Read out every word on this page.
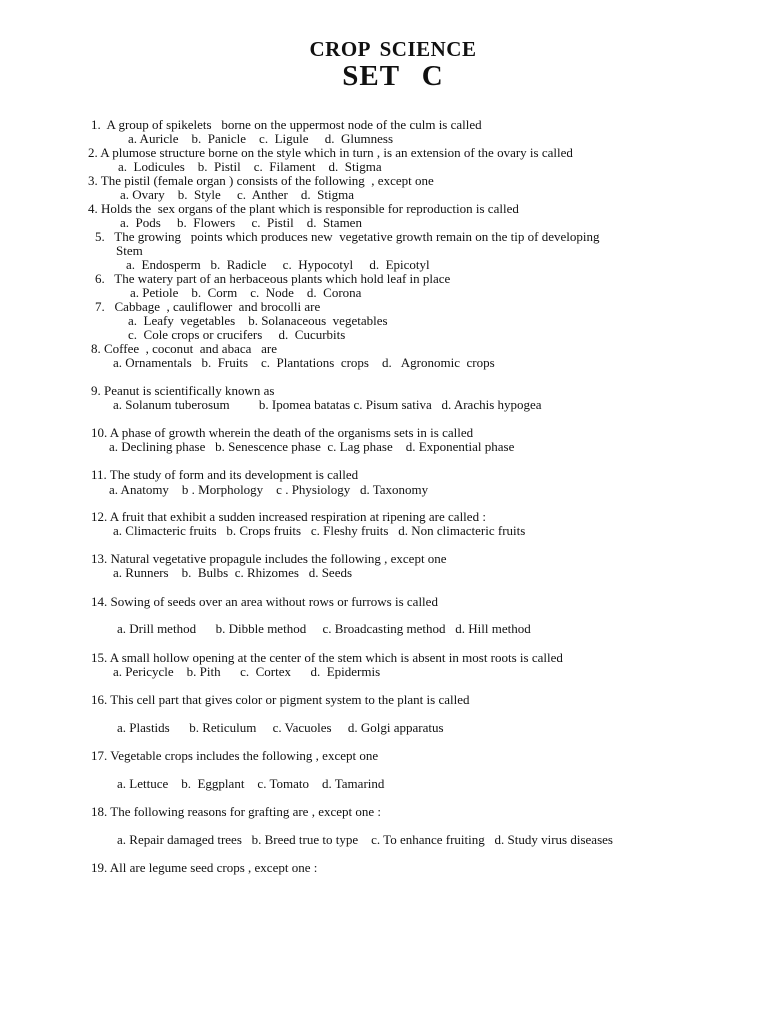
CROP SCIENCE
SET C
1.  A group of spikelets   borne on the uppermost node of the culm is called
a. Auricle    b.  Panicle    c.  Ligule     d.  Glumness
2. A plumose structure borne on the style which in turn , is an extension of the ovary is called
a.  Lodicules    b.  Pistil    c.  Filament    d.  Stigma
3. The pistil (female organ ) consists of the following  , except one
a. Ovary    b.  Style     c.  Anther    d.  Stigma
4. Holds the  sex organs of the plant which is responsible for reproduction is called
a.  Pods     b.  Flowers     c.  Pistil    d.  Stamen
5.   The growing   points which produces new  vegetative growth remain on the tip of developing
Stem
a.  Endosperm   b.  Radicle     c.  Hypocotyl     d.  Epicotyl
6.   The watery part of an herbaceous plants which hold leaf in place
a. Petiole    b.  Corm    c.  Node    d.  Corona
7.   Cabbage  , cauliflower  and brocolli are
a.  Leafy  vegetables    b. Solanaceous  vegetables
c.  Cole crops or crucifers     d.  Cucurbits
8. Coffee  , coconut  and abaca   are
a. Ornamentals   b.  Fruits    c.  Plantations  crops    d.   Agronomic  crops
9. Peanut is scientifically known as
a. Solanum tuberosum         b. Ipomea batatas c. Pisum sativa   d. Arachis hypogea
10. A phase of growth wherein the death of the organisms sets in is called
a. Declining phase   b. Senescence phase  c. Lag phase    d. Exponential phase
11. The study of form and its development is called
a. Anatomy    b . Morphology    c . Physiology   d. Taxonomy
12. A fruit that exhibit a sudden increased respiration at ripening are called :
a. Climacteric fruits   b. Crops fruits   c. Fleshy fruits   d. Non climacteric fruits
13. Natural vegetative propagule includes the following , except one
a. Runners    b.  Bulbs  c. Rhizomes   d. Seeds
14. Sowing of seeds over an area without rows or furrows is called
a. Drill method      b. Dibble method     c. Broadcasting method   d. Hill method
15. A small hollow opening at the center of the stem which is absent in most roots is called
a. Pericycle    b. Pith      c.  Cortex      d.  Epidermis
16. This cell part that gives color or pigment system to the plant is called
a. Plastids      b. Reticulum     c. Vacuoles     d. Golgi apparatus
17. Vegetable crops includes the following , except one
a. Lettuce    b.  Eggplant    c. Tomato    d. Tamarind
18. The following reasons for grafting are , except one :
a. Repair damaged trees   b. Breed true to type    c. To enhance fruiting   d. Study virus diseases
19. All are legume seed crops , except one :
